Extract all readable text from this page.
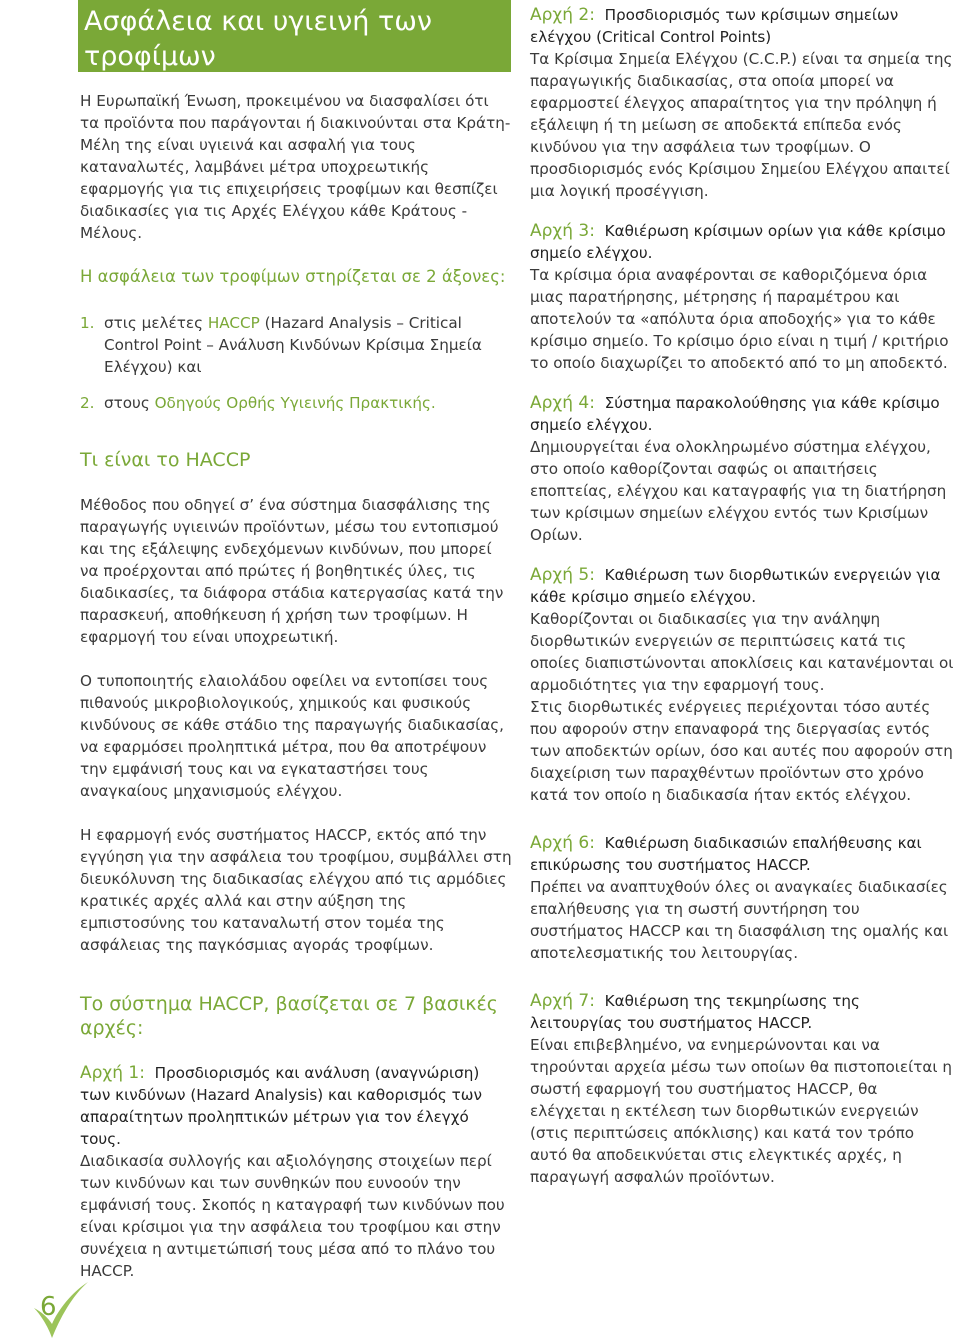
Ασφάλεια και υγιεινή των τροφίμων

Η Ευρωπαϊκή Ένωση, προκειμένου να διασφαλίσει ότι τα προϊόντα που παράγονται ή διακινούνται στα Κράτη-Μέλη της είναι υγιεινά και ασφαλή για τους καταναλωτές, λαμβάνει μέτρα υποχρεωτικής εφαρμογής για τις επιχειρήσεις τροφίμων και θεσπίζει διαδικασίες για τις Αρχές Ελέγχου κάθε Κράτους - Μέλους.

Η ασφάλεια των τροφίμων στηρίζεται σε 2 άξονες:

1. στις μελέτες HACCP (Hazard Analysis – Critical Control Point – Ανάλυση Κινδύνων Κρίσιμα Σημεία Ελέγχου) και
2. στους Οδηγούς Ορθής Υγιεινής Πρακτικής.

Τι είναι το HACCP

Μέθοδος που οδηγεί σ’ ένα σύστημα διασφάλισης της παραγωγής υγιεινών προϊόντων, μέσω του εντοπισμού και της εξάλειψης ενδεχόμενων κινδύνων, που μπορεί να προέρχονται από πρώτες ή βοηθητικές ύλες, τις διαδικασίες, τα διάφορα στάδια κατεργασίας κατά την παρασκευή, αποθήκευση ή χρήση των τροφίμων. Η εφαρμογή του είναι υποχρεωτική.

Ο τυποποιητής ελαιολάδου οφείλει να εντοπίσει τους πιθανούς μικροβιολογικούς, χημικούς και φυσικούς κινδύνους σε κάθε στάδιο της παραγωγής διαδικασίας, να εφαρμόσει προληπτικά μέτρα, που θα αποτρέψουν την εμφάνισή τους και να εγκαταστήσει τους αναγκαίους μηχανισμούς ελέγχου.

Η εφαρμογή ενός συστήματος HACCP, εκτός από την εγγύηση για την ασφάλεια του τροφίμου, συμβάλλει στη διευκόλυνση της διαδικασίας ελέγχου από τις αρμόδιες κρατικές αρχές αλλά και στην αύξηση της εμπιστοσύνης του καταναλωτή στον τομέα της ασφάλειας της παγκόσμιας αγοράς τροφίμων.

Το σύστημα HACCP, βασίζεται σε 7 βασικές αρχές:

Αρχή 1: Προσδιορισμός και ανάλυση (αναγνώριση) των κινδύνων (Hazard Analysis) και καθορισμός των απαραίτητων προληπτικών μέτρων για τον έλεγχό τους.

Διαδικασία συλλογής και αξιολόγησης στοιχείων περί των κινδύνων και των συνθηκών που ευνοούν την εμφάνισή τους. Σκοπός η καταγραφή των κινδύνων που είναι κρίσιμοι για την ασφάλεια του τροφίμου και στην συνέχεια η αντιμετώπισή τους μέσα από το πλάνο του HACCP.

Αρχή 2: Προσδιορισμός των κρίσιμων σημείων ελέγχου (Critical Control Points)

Τα Κρίσιμα Σημεία Ελέγχου (C.C.P.) είναι τα σημεία της παραγωγικής διαδικασίας, στα οποία μπορεί να εφαρμοστεί έλεγχος απαραίτητος για την πρόληψη ή εξάλειψη ή τη μείωση σε αποδεκτά επίπεδα ενός κινδύνου για την ασφάλεια των τροφίμων. Ο προσδιορισμός ενός Κρίσιμου Σημείου Ελέγχου απαιτεί μια λογική προσέγγιση.

Αρχή 3: Καθιέρωση κρίσιμων ορίων για κάθε κρίσιμο σημείο ελέγχου.

Τα κρίσιμα όρια αναφέρονται σε καθοριζόμενα όρια μιας παρατήρησης, μέτρησης ή παραμέτρου και αποτελούν τα «απόλυτα όρια αποδοχής» για το κάθε κρίσιμο σημείο. Το κρίσιμο όριο είναι η τιμή / κριτήριο το οποίο διαχωρίζει το αποδεκτό από το μη αποδεκτό.

Αρχή 4: Σύστημα παρακολούθησης για κάθε κρίσιμο σημείο ελέγχου.

Δημιουργείται ένα ολοκληρωμένο σύστημα ελέγχου, στο οποίο καθορίζονται σαφώς οι απαιτήσεις εποπτείας, ελέγχου και καταγραφής για τη διατήρηση των κρίσιμων σημείων ελέγχου εντός των Κρισίμων Ορίων.

Αρχή 5: Καθιέρωση των διορθωτικών ενεργειών για κάθε κρίσιμο σημείο ελέγχου.

Καθορίζονται οι διαδικασίες για την ανάληψη διορθωτικών ενεργειών σε περιπτώσεις κατά τις οποίες διαπιστώνονται αποκλίσεις και κατανέμονται οι αρμοδιότητες για την εφαρμογή τους.

Στις διορθωτικές ενέργειες περιέχονται τόσο αυτές που αφορούν στην επαναφορά της διεργασίας εντός των αποδεκτών ορίων, όσο και αυτές που αφορούν στη διαχείριση των παραχθέντων προϊόντων στο χρόνο κατά τον οποίο η διαδικασία ήταν εκτός ελέγχου.

Αρχή 6: Καθιέρωση διαδικασιών επαλήθευσης και επικύρωσης του συστήματος HACCP.

Πρέπει να αναπτυχθούν όλες οι αναγκαίες διαδικασίες επαλήθευσης για τη σωστή συντήρηση του συστήματος HACCP και τη διασφάλιση της ομαλής και αποτελεσματικής του λειτουργίας.

Αρχή 7: Καθιέρωση της τεκμηρίωσης της λειτουργίας του συστήματος HACCP.

Είναι επιβεβλημένο, να ενημερώνονται και να τηρούνται αρχεία μέσω των οποίων θα πιστοποιείται η σωστή εφαρμογή του συστήματος HACCP, θα ελέγχεται η εκτέλεση των διορθωτικών ενεργειών (στις περιπτώσεις απόκλισης) και κατά τον τρόπο αυτό θα αποδεικνύεται στις ελεγκτικές αρχές, η παραγωγή ασφαλών προϊόντων.

6
